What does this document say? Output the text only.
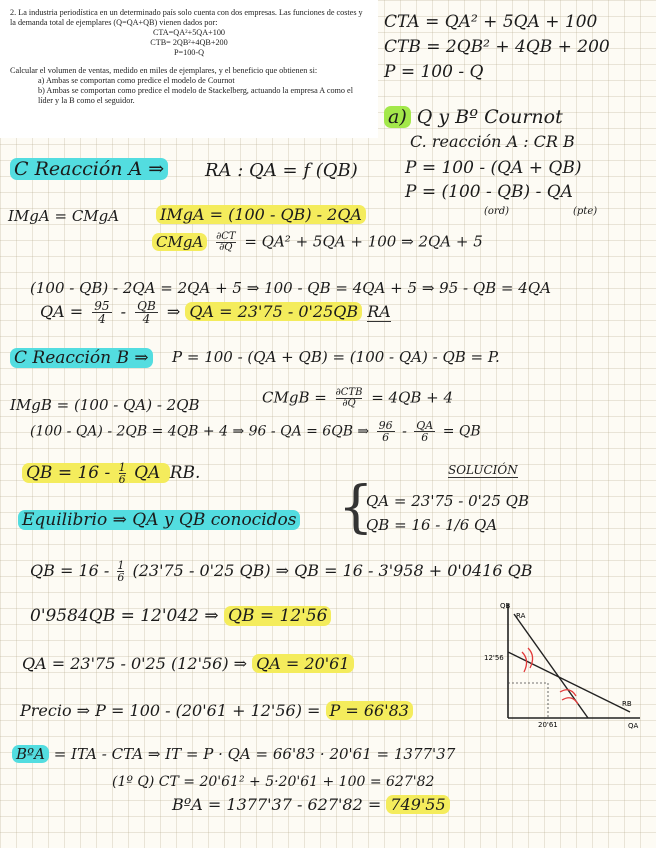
2. La industria periodística en un determinado país solo cuenta con dos empresas. Las funciones de costes y la demanda total de ejemplares (Q=QA+QB) vienen dados por:

CTA=QA²+5QA+100

CTB= 2QB²+4QB+200

P=100-Q

Calcular el volumen de ventas, medido en miles de ejemplares, y el beneficio que obtienen si:

a) Ambas se comportan como predice el modelo de Cournot

b) Ambas se comportan como predice el modelo de Stackelberg, actuando la empresa A como el líder y la B como el seguidor.

CTA = QA² + 5QA + 100
CTB = 2QB² + 4QB + 200
P = 100 - Q
a) Q y Bº Cournot
C. reacción A : CR B
C Reacción A ⇒ RA : QA = f (QB)	P = 100 - (QA + QB)
P = (100 - QB) - QA
(ord)	(pte)
IMgA = CMgA	IMgA = (100 - QB) - 2QA
CMgA $\frac{\partial CT}{\partial Q} = QA^2 + 5QA + 100$ ⇒ 2QA + 5
(100 - QB) - 2QA = 2QA + 5 ⇒ 100 - QB = 4QA + 5 ⇒ 95 - QB = 4QA
QA = $\frac{95}{4} - \frac{QB}{4}$ ⇒ QA = 23'75 - 0'25QB RA
C Reacción B ⇒ P = 100 - (QA + QB) = (100 - QA) - QB = P.
IMgB = (100 - QA) - 2QB	CMgB = ∂CTB
∂Q	= 4QB + 4
(100 - QA) - 2QB = 4QB + 4 ⇒ 96 - QA = 6QB ⇒ $\frac{96}{6} - \frac{QA}{6}$ = QB
QB = $16 - \frac{1}{6}$ QA RB.
Equilibrio ⇒ QA y QB conocidos
SOLUCIÓN
{
QA = 23'75 - 0'25 QB
QB = 16 - 1/6 QA
QB = $16 - \frac{1}{6} (23'75 - 0'25$ QB) ⇒ QB = 16 - 3'958 + 0'0416 QB
0'9584QB = 12'042 ⇒ QB = 12'56
QA = 23'75 - 0'25 (12'56) ⇒ QA = 20'61
Precio ⇒ P = 100 - (20'61 + 12'56) = P = 66'83
BºA = ITA - CTA ⇒ IT = P · QA = 66'83 · 20'61 = 1377'37
(1º Q) CT = 20'61² + 5·20'61 + 100 = 627'82
BºA = 1377'37 - 627'82 = 749'55
QB
RA
RB
QA
12'56
20'61
